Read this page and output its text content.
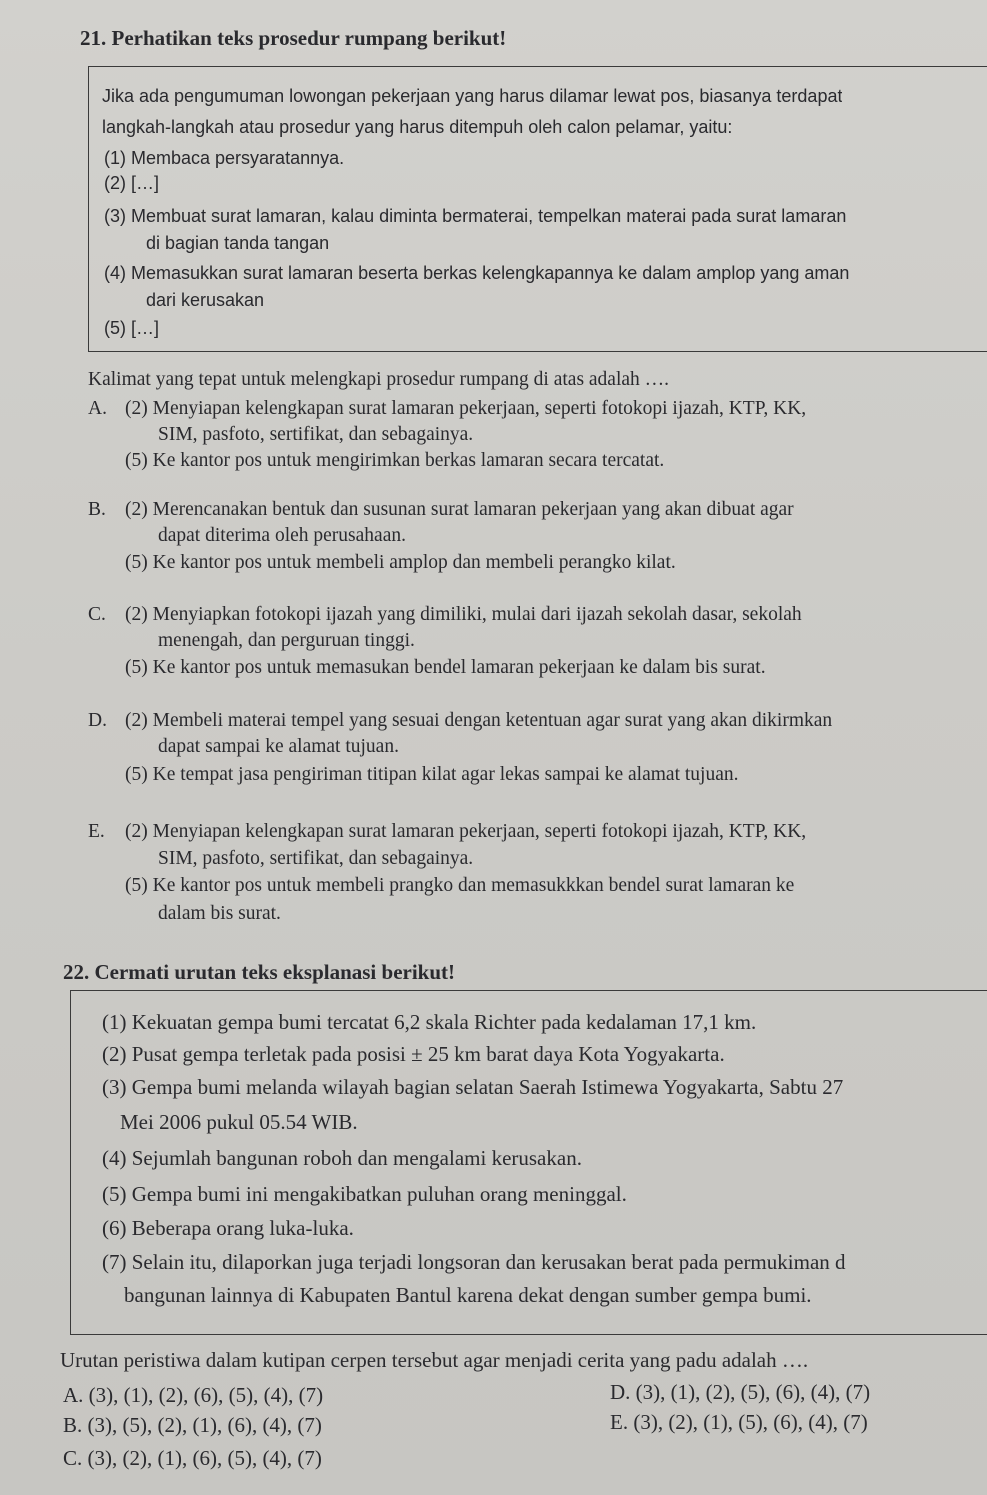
21. Perhatikan teks prosedur rumpang berikut!
Jika ada pengumuman lowongan pekerjaan yang harus dilamar lewat pos, biasanya terdapat
langkah-langkah atau prosedur yang harus ditempuh oleh calon pelamar, yaitu:
(1) Membaca persyaratannya.
(2) […]
(3) Membuat surat lamaran, kalau diminta bermaterai, tempelkan materai pada surat lamaran
di bagian tanda tangan
(4) Memasukkan surat lamaran beserta berkas kelengkapannya ke dalam amplop yang aman
dari kerusakan
(5) […]
Kalimat yang tepat untuk melengkapi prosedur rumpang di atas adalah ….
A. (2) Menyiapan kelengkapan surat lamaran pekerjaan, seperti fotokopi ijazah, KTP, KK,
SIM, pasfoto, sertifikat, dan sebagainya.
(5) Ke kantor pos untuk mengirimkan berkas lamaran secara tercatat.
B. (2) Merencanakan bentuk dan susunan surat lamaran pekerjaan yang akan dibuat agar
dapat diterima oleh perusahaan.
(5) Ke kantor pos untuk membeli amplop dan membeli perangko kilat.
C. (2) Menyiapkan fotokopi ijazah yang dimiliki, mulai dari ijazah sekolah dasar, sekolah
menengah, dan perguruan tinggi.
(5) Ke kantor pos untuk memasukan bendel lamaran pekerjaan ke dalam bis surat.
D. (2) Membeli materai tempel yang sesuai dengan ketentuan agar surat yang akan dikirmkan
dapat sampai ke alamat tujuan.
(5) Ke tempat jasa pengiriman titipan kilat agar lekas sampai ke alamat tujuan.
E. (2) Menyiapan kelengkapan surat lamaran pekerjaan, seperti fotokopi ijazah, KTP, KK,
SIM, pasfoto, sertifikat, dan sebagainya.
(5) Ke kantor pos untuk membeli prangko dan memasukkkan bendel surat lamaran ke
dalam bis surat.
22. Cermati urutan teks eksplanasi berikut!
(1) Kekuatan gempa bumi tercatat 6,2 skala Richter pada kedalaman 17,1 km.
(2) Pusat gempa terletak pada posisi ± 25 km barat daya Kota Yogyakarta.
(3) Gempa bumi melanda wilayah bagian selatan Saerah Istimewa Yogyakarta, Sabtu 27
Mei 2006 pukul 05.54 WIB.
(4) Sejumlah bangunan roboh dan mengalami kerusakan.
(5) Gempa bumi ini mengakibatkan puluhan orang meninggal.
(6) Beberapa orang luka-luka.
(7) Selain itu, dilaporkan juga terjadi longsoran dan kerusakan berat pada permukiman d
bangunan lainnya di Kabupaten Bantul karena dekat dengan sumber gempa bumi.
Urutan peristiwa dalam kutipan cerpen tersebut agar menjadi cerita yang padu adalah ….
A. (3), (1), (2), (6), (5), (4), (7)
B. (3), (5), (2), (1), (6), (4), (7)
C. (3), (2), (1), (6), (5), (4), (7)
D. (3), (1), (2), (5), (6), (4), (7)
E. (3), (2), (1), (5), (6), (4), (7)
